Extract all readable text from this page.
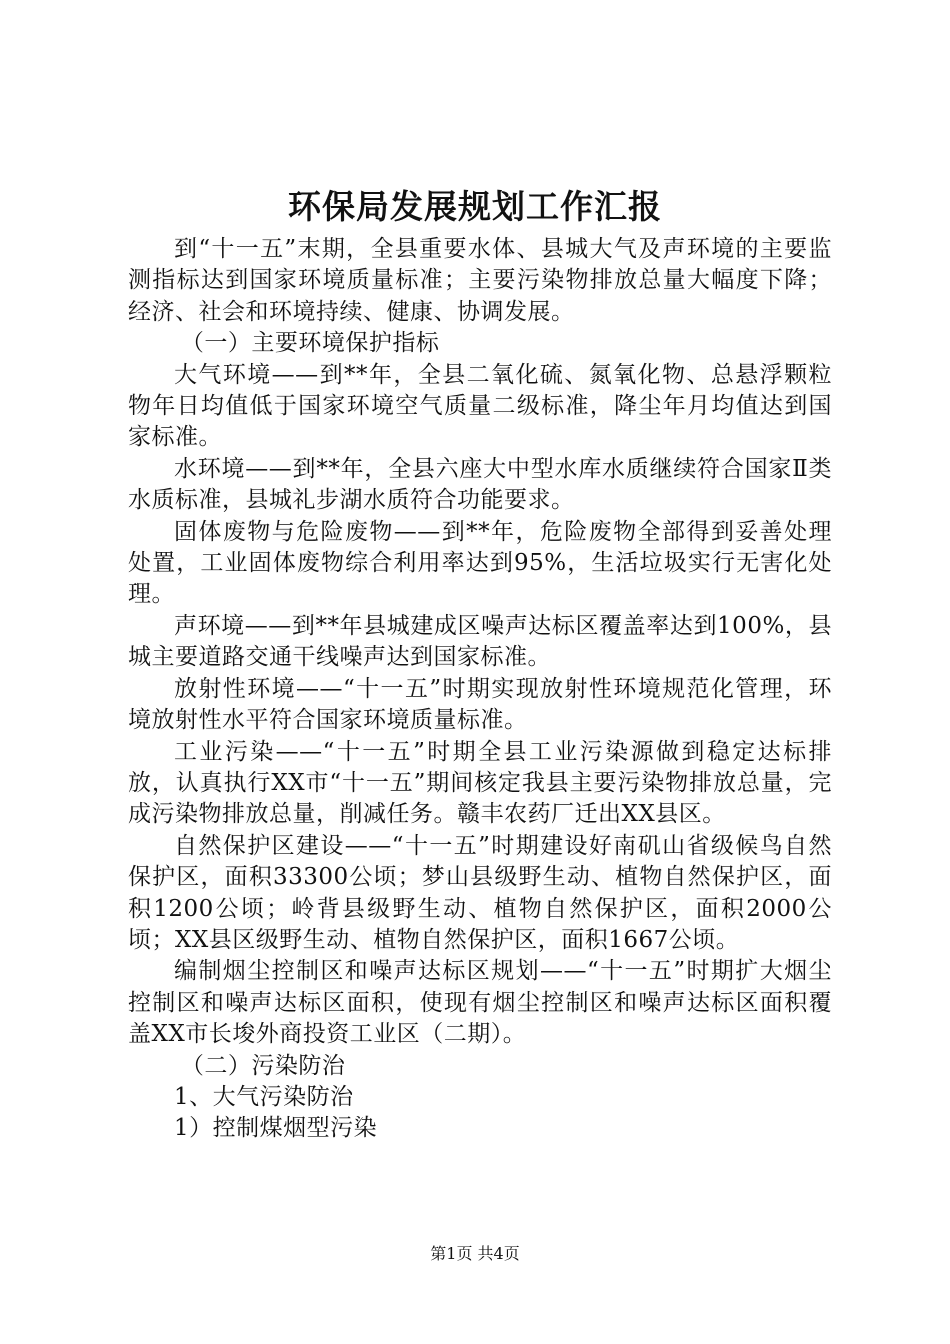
环保局发展规划工作汇报

到“十一五”末期，全县重要水体、县城大气及声环境的主要监测指标达到国家环境质量标准；主要污染物排放总量大幅度下降；经济、社会和环境持续、健康、协调发展。

（一）主要环境保护指标

大气环境——到**年，全县二氧化硫、氮氧化物、总悬浮颗粒物年日均值低于国家环境空气质量二级标准，降尘年月均值达到国家标准。

水环境——到**年，全县六座大中型水库水质继续符合国家Ⅱ类水质标准，县城礼步湖水质符合功能要求。

固体废物与危险废物——到**年，危险废物全部得到妥善处理处置，工业固体废物综合利用率达到95%，生活垃圾实行无害化处理。

声环境——到**年县城建成区噪声达标区覆盖率达到100%，县城主要道路交通干线噪声达到国家标准。

放射性环境——“十一五”时期实现放射性环境规范化管理，环境放射性水平符合国家环境质量标准。

工业污染——“十一五”时期全县工业污染源做到稳定达标排放，认真执行XX市“十一五”期间核定我县主要污染物排放总量，完成污染物排放总量，削减任务。赣丰农药厂迁出XX县区。

自然保护区建设——“十一五”时期建设好南矶山省级候鸟自然保护区，面积33300公顷；梦山县级野生动、植物自然保护区，面积1200公顷；岭背县级野生动、植物自然保护区，面积2000公顷；XX县区级野生动、植物自然保护区，面积1667公顷。

编制烟尘控制区和噪声达标区规划——“十一五”时期扩大烟尘控制区和噪声达标区面积，使现有烟尘控制区和噪声达标区面积覆盖XX市长埈外商投资工业区（二期）。

（二）污染防治

1、大气污染防治

1）控制煤烟型污染

第1页 共4页
